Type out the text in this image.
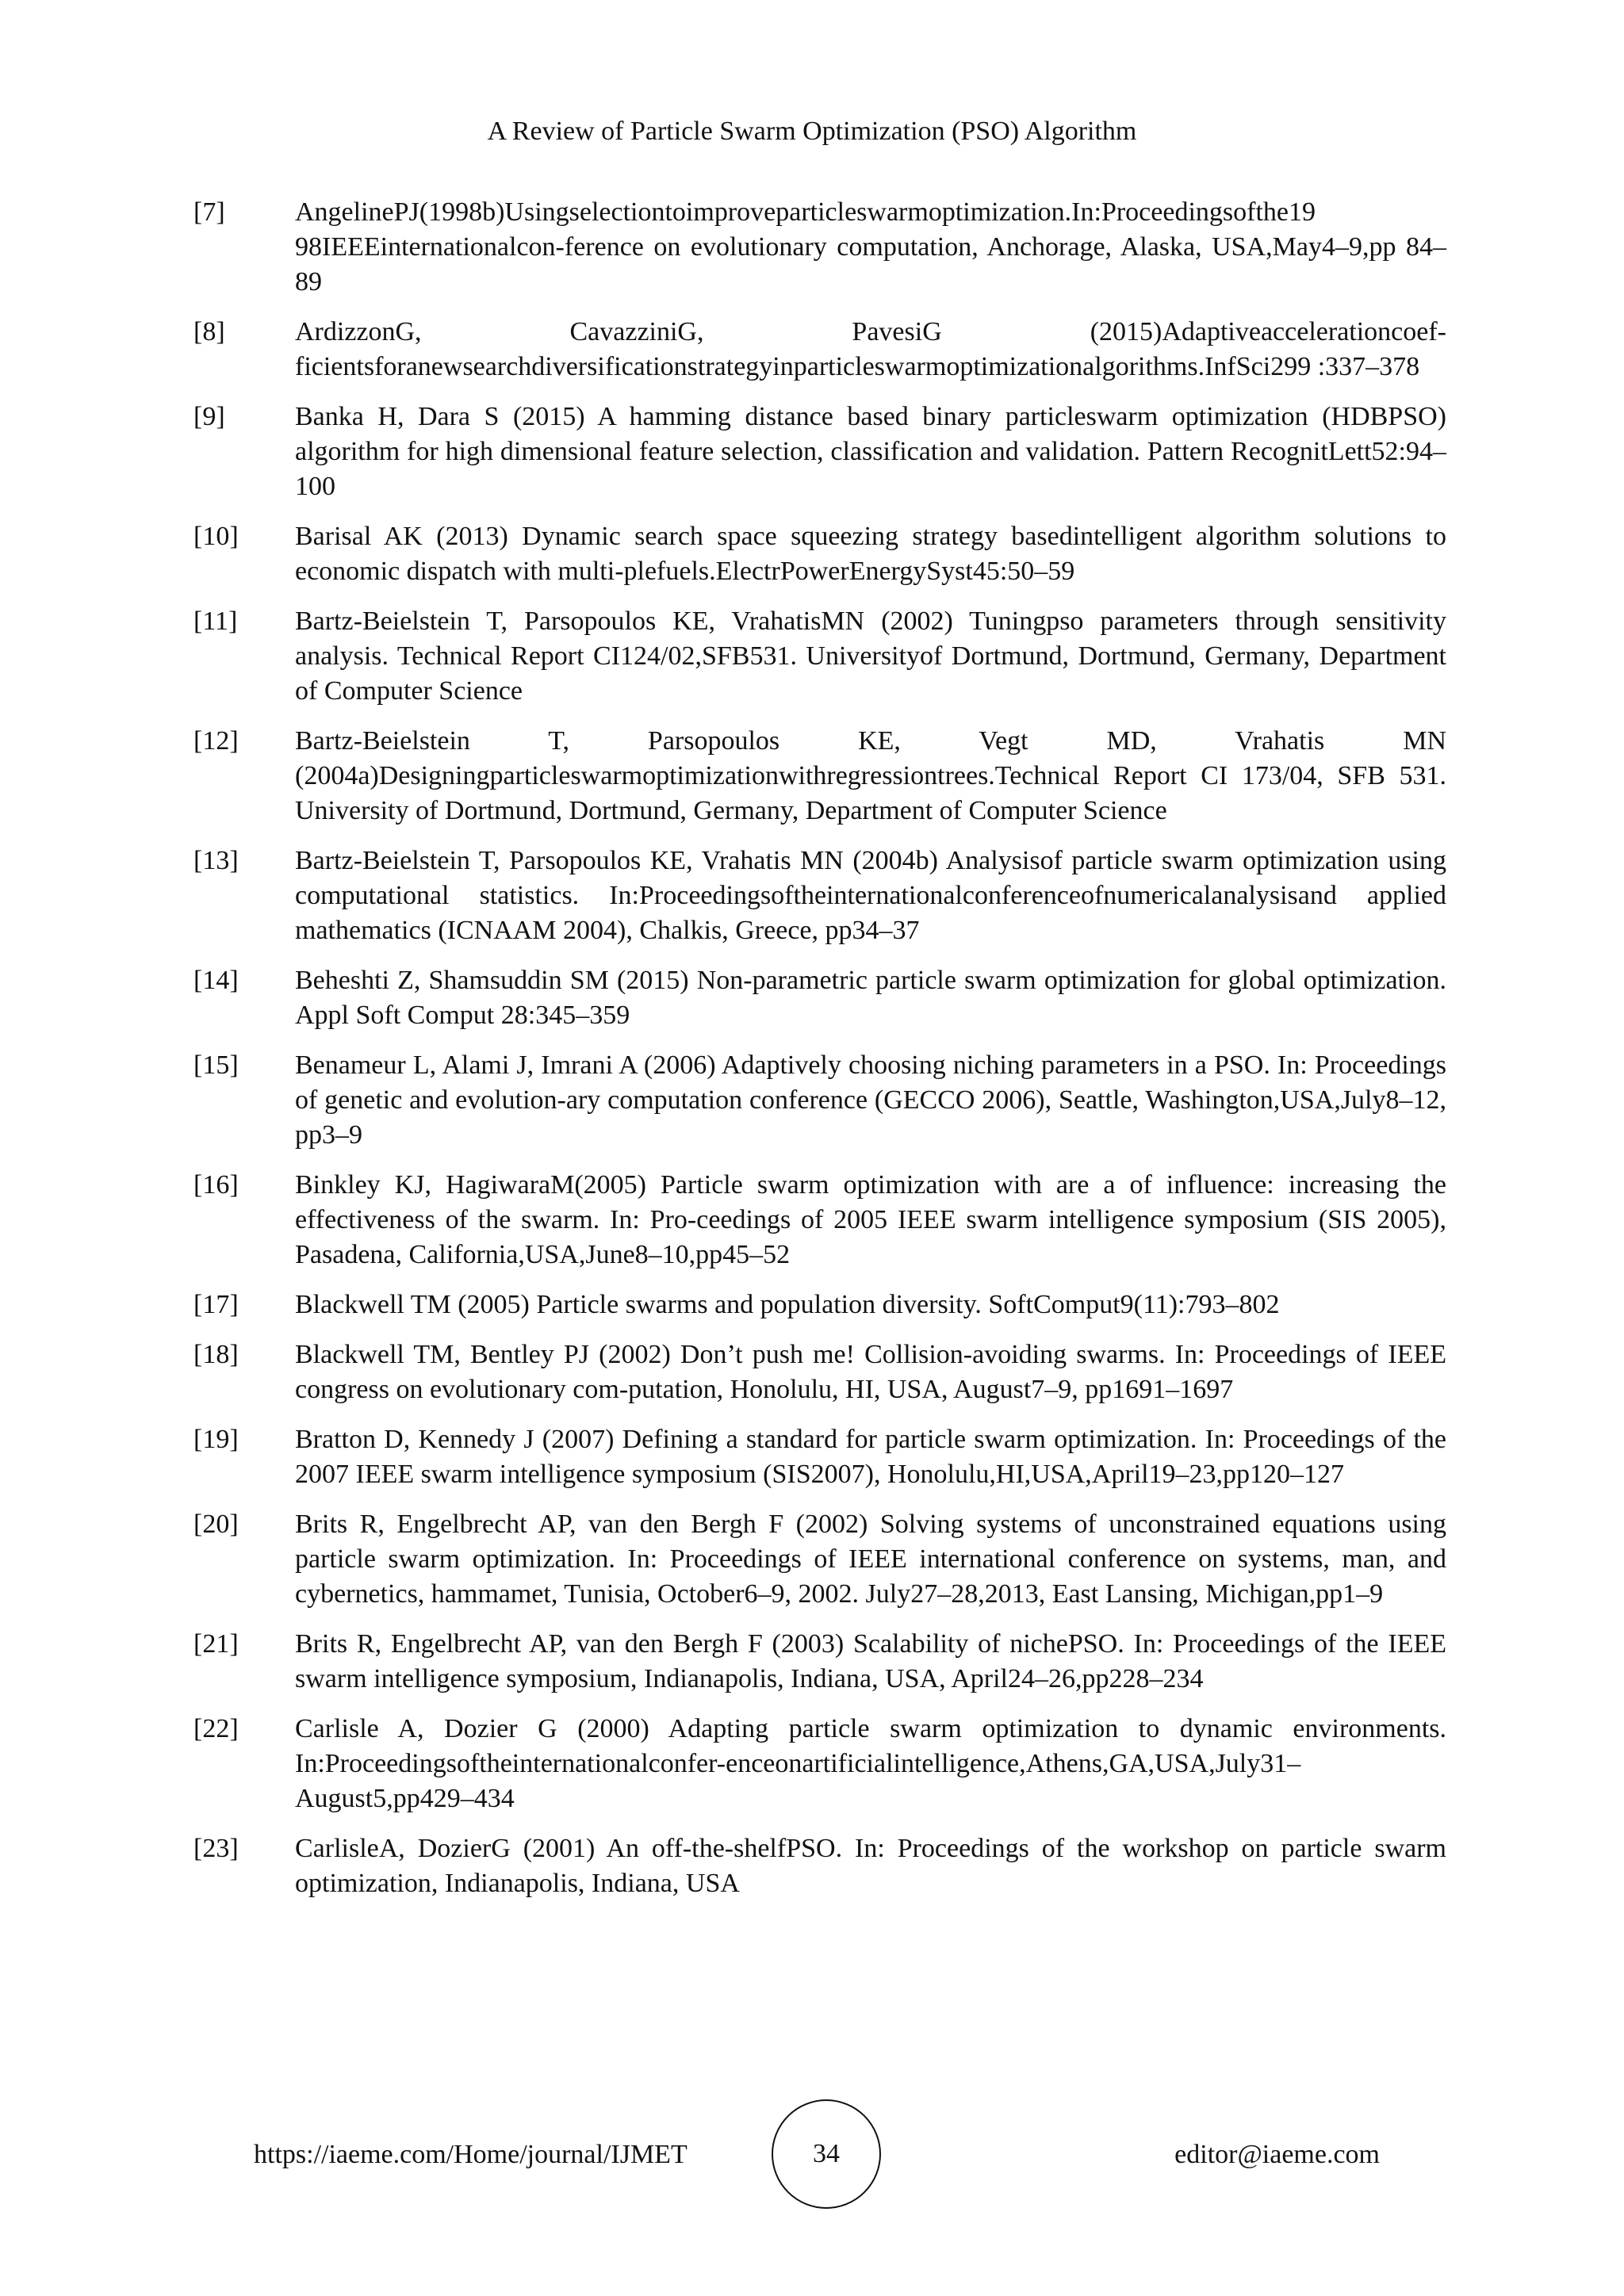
A Review of Particle Swarm Optimization (PSO) Algorithm
[7]	AngelinePJ(1998b)Usingselectiontoimproveparticleswarmoptimization.In:Proceedingsofthe19 98IEEEinternationalcon-ference on evolutionary computation, Anchorage, Alaska, USA,May4–9,pp 84–89
[8]	ArdizzonG, CavazziniG, PavesiG (2015)Adaptiveaccelerationcoef-ficientsforanewsearchdiversificationstrategyinparticleswarmoptimizationalgorithms.InfSci299 :337–378
[9]	Banka H, Dara S (2015) A hamming distance based binary particleswarm optimization (HDBPSO) algorithm for high dimensional feature selection, classification and validation. Pattern RecognitLett52:94–100
[10]	Barisal AK (2013) Dynamic search space squeezing strategy basedintelligent algorithm solutions to economic dispatch with multi-plefuels.ElectrPowerEnergySyst45:50–59
[11]	Bartz-Beielstein T, Parsopoulos KE, VrahatisMN (2002) Tuningpso parameters through sensitivity analysis. Technical Report CI124/02,SFB531. Universityof Dortmund, Dortmund, Germany, Department of Computer Science
[12]	Bartz-Beielstein T, Parsopoulos KE, Vegt MD, Vrahatis MN (2004a)Designingparticleswarmoptimizationwithregressiontrees.Technical Report CI 173/04, SFB 531. University of Dortmund, Dortmund, Germany, Department of Computer Science
[13]	Bartz-Beielstein T, Parsopoulos KE, Vrahatis MN (2004b) Analysisof particle swarm optimization using computational statistics. In:Proceedingsoftheinternationalconferenceofnumericalanalysisand applied mathematics (ICNAAM 2004), Chalkis, Greece, pp34–37
[14]	Beheshti Z, Shamsuddin SM (2015) Non-parametric particle swarm optimization for global optimization. Appl Soft Comput 28:345–359
[15]	Benameur L, Alami J, Imrani A (2006) Adaptively choosing niching parameters in a PSO. In: Proceedings of genetic and evolution-ary computation conference (GECCO 2006), Seattle, Washington,USA,July8–12, pp3–9
[16]	Binkley KJ, HagiwaraM(2005) Particle swarm optimization with are a of influence: increasing the effectiveness of the swarm. In: Pro-ceedings of 2005 IEEE swarm intelligence symposium (SIS 2005), Pasadena, California,USA,June8–10,pp45–52
[17]	Blackwell TM (2005) Particle swarms and population diversity. SoftComput9(11):793–802
[18]	Blackwell TM, Bentley PJ (2002) Don’t push me! Collision-avoiding swarms. In: Proceedings of IEEE congress on evolutionary com-putation, Honolulu, HI, USA, August7–9, pp1691–1697
[19]	Bratton D, Kennedy J (2007) Defining a standard for particle swarm optimization. In: Proceedings of the 2007 IEEE swarm intelligence symposium (SIS2007), Honolulu,HI,USA,April19–23,pp120–127
[20]	Brits R, Engelbrecht AP, van den Bergh F (2002) Solving systems of unconstrained equations using particle swarm optimization. In: Proceedings of IEEE international conference on systems, man, and cybernetics, hammamet, Tunisia, October6–9, 2002. July27–28,2013, East Lansing, Michigan,pp1–9
[21]	Brits R, Engelbrecht AP, van den Bergh F (2003) Scalability of nichePSO. In: Proceedings of the IEEE swarm intelligence symposium, Indianapolis, Indiana, USA, April24–26,pp228–234
[22]	Carlisle A, Dozier G (2000) Adapting particle swarm optimization to dynamic environments. In:Proceedingsoftheinternationalconfer-enceonartificialintelligence,Athens,GA,USA,July31–August5,pp429–434
[23]	CarlisleA, DozierG (2001) An off-the-shelfPSO. In: Proceedings of the workshop on particle swarm optimization, Indianapolis, Indiana, USA
https://iaeme.com/Home/journal/IJMET	34	editor@iaeme.com
